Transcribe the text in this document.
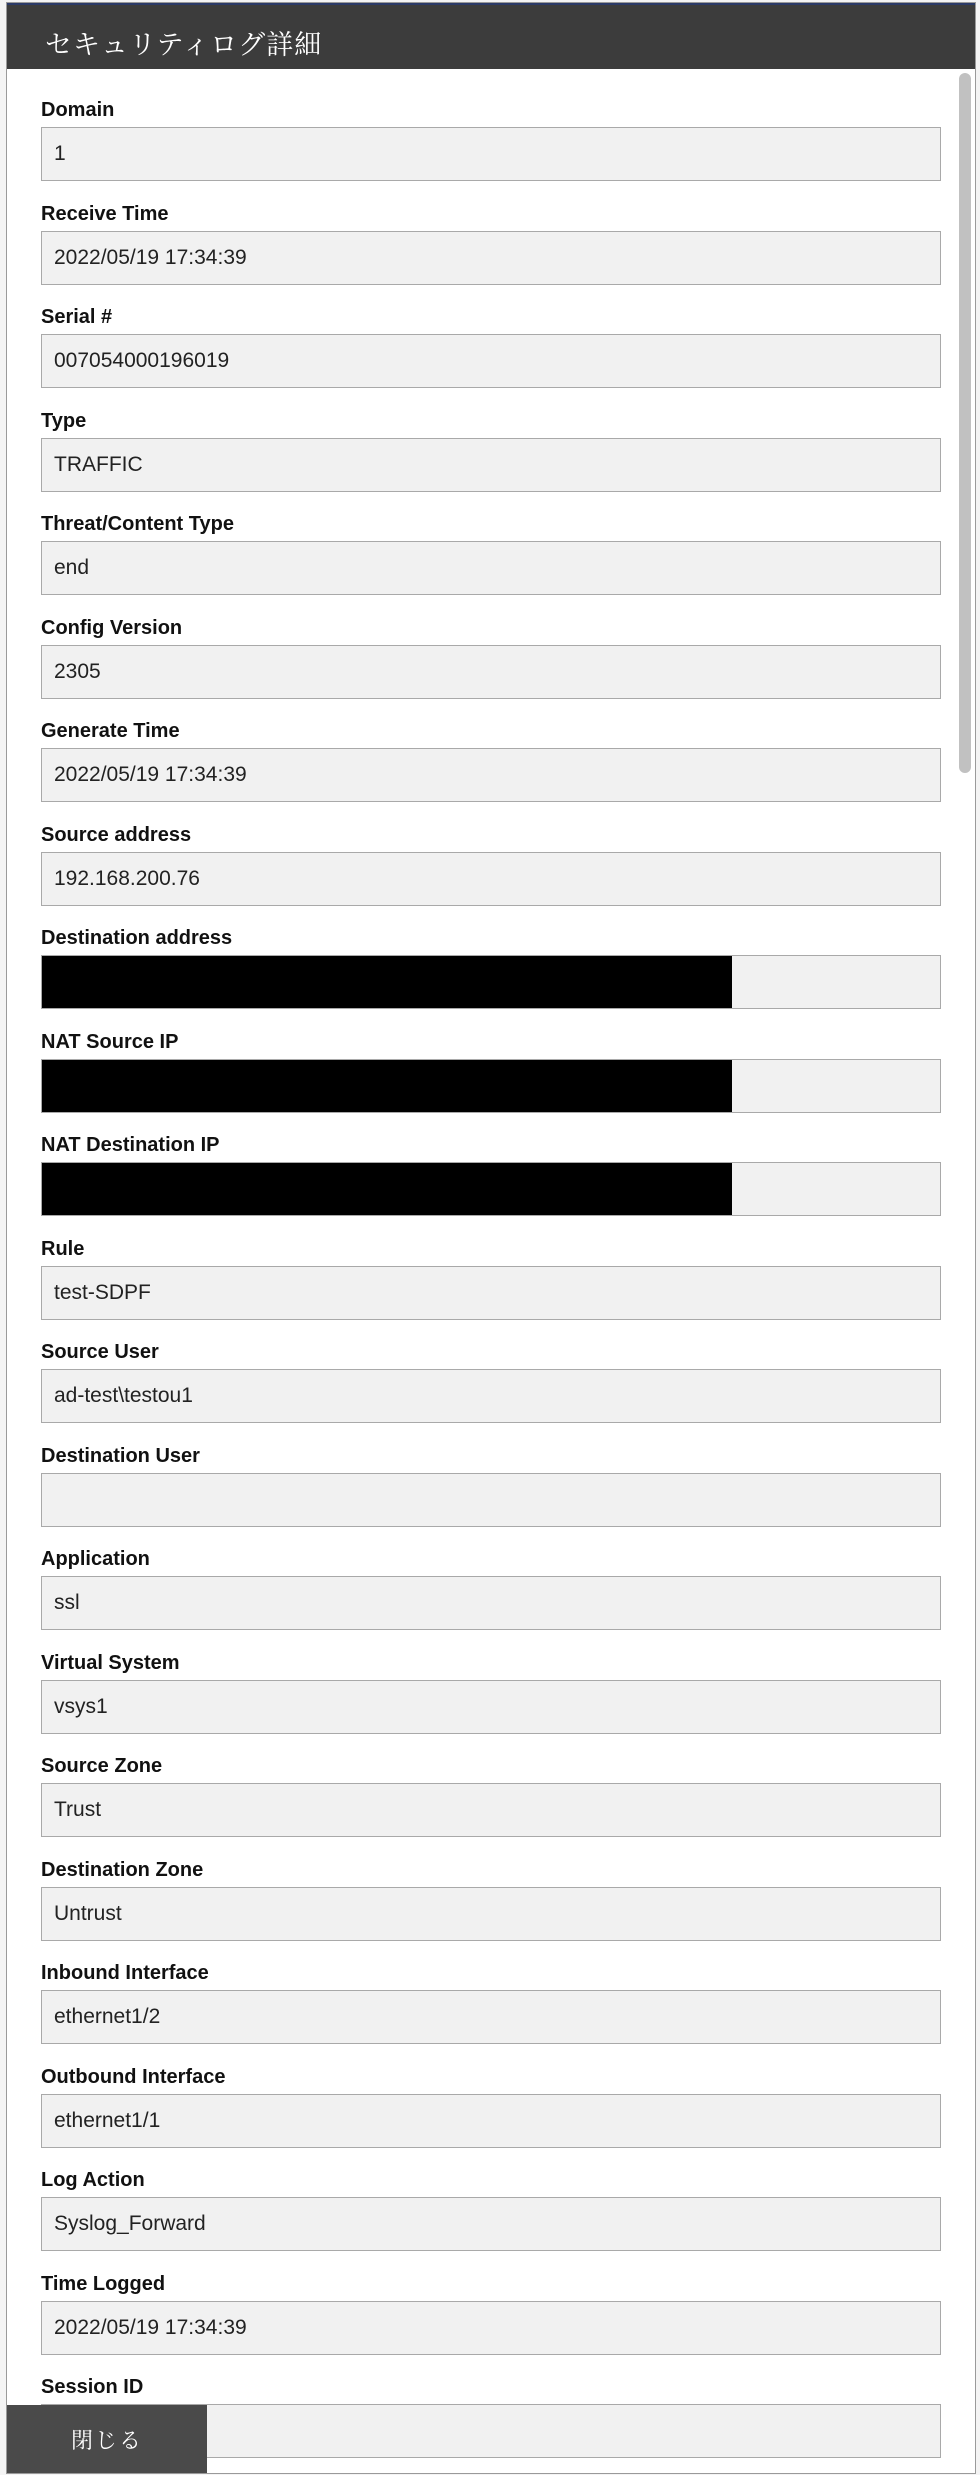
セキュリティログ詳細
Domain
1
Receive Time
2022/05/19 17:34:39
Serial #
007054000196019
Type
TRAFFIC
Threat/Content Type
end
Config Version
2305
Generate Time
2022/05/19 17:34:39
Source address
192.168.200.76
Destination address
NAT Source IP
NAT Destination IP
Rule
test-SDPF
Source User
ad-test\testou1
Destination User
Application
ssl
Virtual System
vsys1
Source Zone
Trust
Destination Zone
Untrust
Inbound Interface
ethernet1/2
Outbound Interface
ethernet1/1
Log Action
Syslog_Forward
Time Logged
2022/05/19 17:34:39
Session ID
閉じる
